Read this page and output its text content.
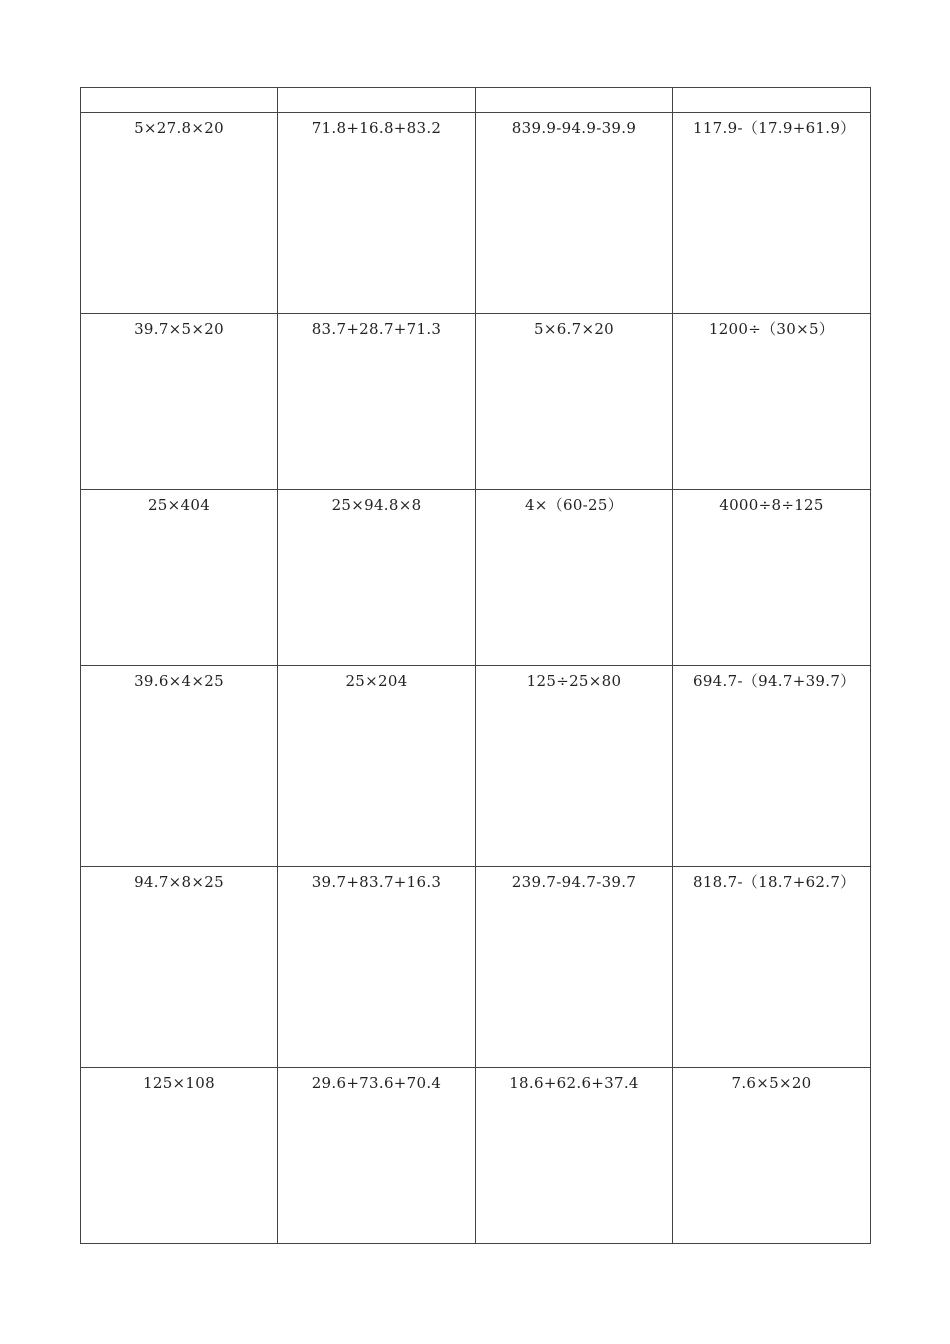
5×27.8×20	71.8+16.8+83.2	839.9-94.9-39.9	117.9-（17.9+61.9）
39.7×5×20	83.7+28.7+71.3	5×6.7×20	1200÷（30×5）
25×404	25×94.8×8	4×（60-25）	4000÷8÷125
39.6×4×25	25×204	125÷25×80	694.7-（94.7+39.7）
94.7×8×25	39.7+83.7+16.3	239.7-94.7-39.7	818.7-（18.7+62.7）
125×108	29.6+73.6+70.4	18.6+62.6+37.4	7.6×5×20
